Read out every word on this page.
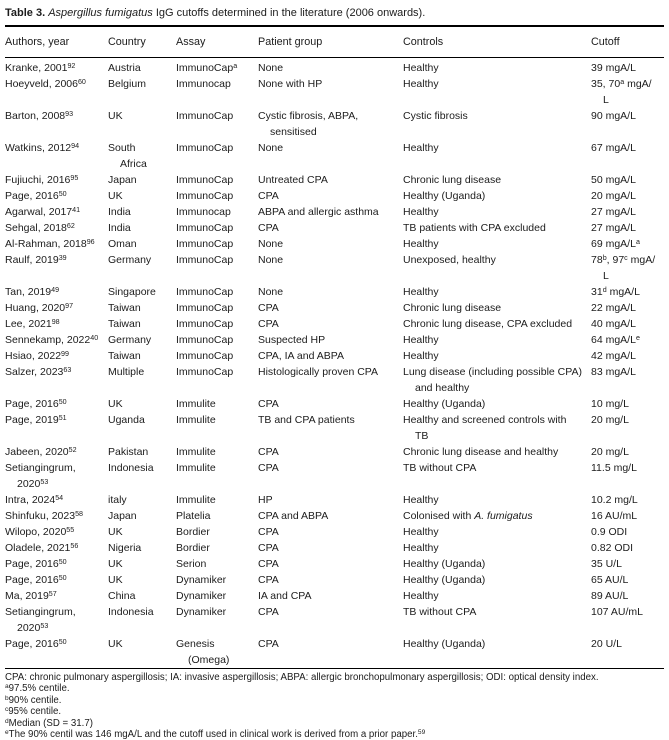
Table 3. Aspergillus fumigatus IgG cutoffs determined in the literature (2006 onwards).
Authors, year	Country	Assay	Patient group	Controls	Cutoff

Kranke, 2001$^{92}$	Austria	ImmunoCap$^a$	None	Healthy	39 mgA/L

Hoeyveld, 2006$^{60}$	Belgium	Immunocap	None with HP	Healthy	35, 70$^a$ mgA/
L

Barton, 2008$^{93}$	UK	ImmunoCap	Cystic fibrosis, ABPA,
sensitised	Cystic fibrosis	90 mgA/L

Watkins, 2012$^{94}$	South
Africa	ImmunoCap	None	Healthy	67 mgA/L

Fujiuchi, 2016$^{95}$	Japan	ImmunoCap	Untreated CPA	Chronic lung disease	50 mgA/L

Page, 2016$^{50}$	UK	ImmunoCap	CPA	Healthy (Uganda)	20 mgA/L

Agarwal, 2017$^{41}$	India	Immunocap	ABPA and allergic asthma	Healthy	27 mgA/L

Sehgal, 2018$^{62}$	India	ImmunoCap	CPA	TB patients with CPA excluded	27 mgA/L

Al-Rahman, 2018$^{96}$	Oman	ImmunoCap	None	Healthy	69 mgA/$L^a$

Raulf, 2019$^{39}$	Germany	ImmunoCap	None	Unexposed, healthy	78$^b$, 97$^c$ mgA/
L

Tan, 2019$^{49}$	Singapore	ImmunoCap	None	Healthy	31$^d$ mgA/L

Huang, 2020$^{97}$	Taiwan	ImmunoCap	CPA	Chronic lung disease	22 mgA/L

Lee, 2021$^{98}$	Taiwan	ImmunoCap	CPA	Chronic lung disease, CPA excluded	40 mgA/L

Sennekamp, 2022$^{40}$	Germany	ImmunoCap	Suspected HP	Healthy	64 mgA/Le

Hsiao, 2022$^{99}$	Taiwan	ImmunoCap	CPA, IA and ABPA	Healthy	42 mgA/L

Salzer, 2023$^{63}$	Multiple	ImmunoCap	Histologically proven CPA	Lung disease (including possible CPA)
and healthy	83 mgA/L

Page, 2016$^{50}$	UK	Immulite	CPA	Healthy (Uganda)	10 mg/L

Page, 2019$^{51}$	Uganda	Immulite	TB and CPA patients	Healthy and screened controls with
TB	20 mg/L

Jabeen, 2020$^{52}$	Pakistan	Immulite	CPA	Chronic lung disease and healthy	20 mg/L

Setiangingrum,
2020$^{53}$	Indonesia	Immulite	CPA	TB without CPA	11.5 mg/L

Intra, 2024$^{54}$	italy	Immulite	HP	Healthy	10.2 mg/L

Shinfuku, 2023$^{58}$	Japan	Platelia	CPA and ABPA	Colonised with A. fumigatus	16 AU/mL

Wilopo, 2020$^{55}$	UK	Bordier	CPA	Healthy	0.9 ODI

Oladele, 2021$^{56}$	Nigeria	Bordier	CPA	Healthy	0.82 ODI

Page, 2016$^{50}$	UK	Serion	CPA	Healthy (Uganda)	35 U/L

Page, 2016$^{50}$	UK	Dynamiker	CPA	Healthy (Uganda)	65 AU/L

Ma, 2019$^{57}$	China	Dynamiker	IA and CPA	Healthy	89 AU/L

Setiangingrum,
2020$^{53}$	Indonesia	Dynamiker	CPA	TB without CPA	107 AU/mL

Page, 2016$^{50}$	UK	Genesis
(Omega)	CPA	Healthy (Uganda)	20 U/L
CPA: chronic pulmonary aspergillosis; IA: invasive aspergillosis; ABPA: allergic bronchopulmonary aspergillosis; ODI: optical density index.
$^a$97.5% centile.
$^b$90% centile.
$^c$95% centile.
$^d$Median (SD = 31.7)
$^e$The 90% centil was 146 mgA/L and the cutoff used in clinical work is derived from a prior paper.$^{59}$
